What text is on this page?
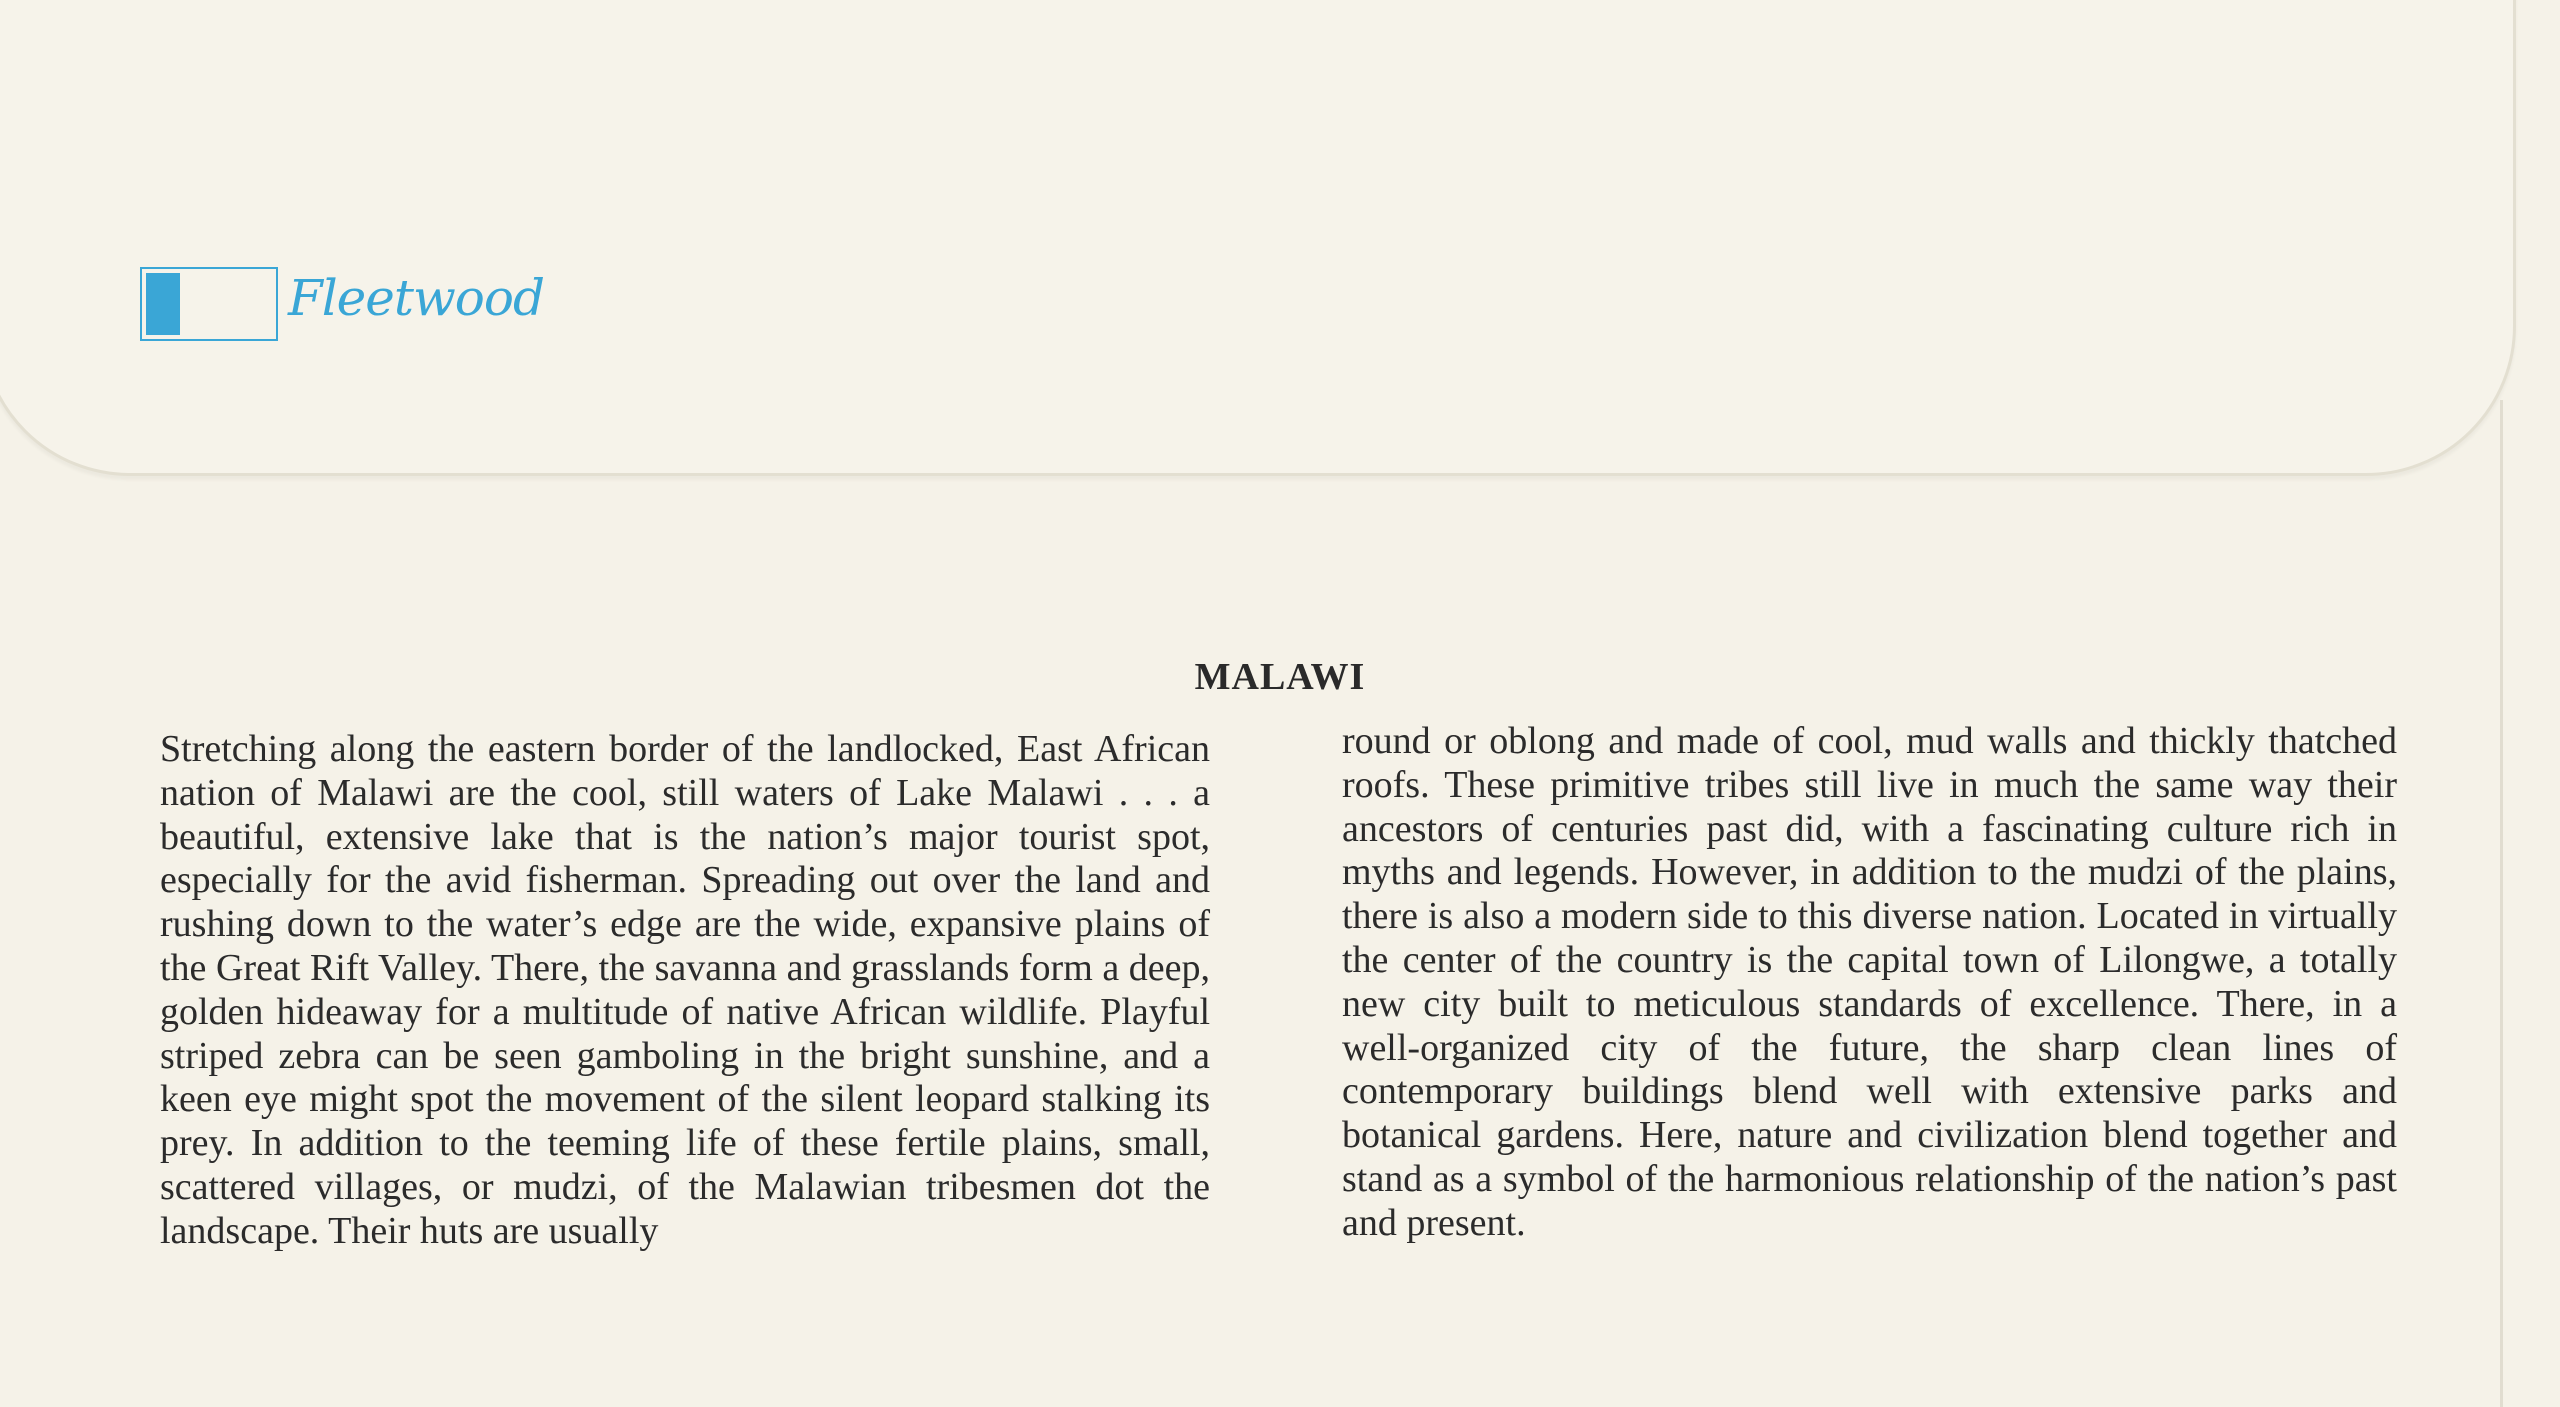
Fleetwood
MALAWI
Stretching along the eastern border of the landlocked, East African nation of Malawi are the cool, still waters of Lake Malawi . . . a beautiful, extensive lake that is the nation’s major tourist spot, especially for the avid fisherman. Spreading out over the land and rushing down to the water’s edge are the wide, expansive plains of the Great Rift Valley. There, the savanna and grasslands form a deep, golden hideaway for a multitude of native African wildlife. Playful striped zebra can be seen gamboling in the bright sunshine, and a keen eye might spot the movement of the silent leopard stalking its prey. In addition to the teeming life of these fertile plains, small, scattered villages, or mudzi, of the Malawian tribesmen dot the landscape. Their huts are usually
round or oblong and made of cool, mud walls and thickly thatched roofs. These primitive tribes still live in much the same way their ancestors of centuries past did, with a fascinating culture rich in myths and legends. However, in addition to the mudzi of the plains, there is also a modern side to this diverse nation. Located in virtually the center of the country is the capital town of Lilongwe, a totally new city built to meticulous standards of excellence. There, in a well-organized city of the future, the sharp clean lines of contemporary buildings blend well with extensive parks and botanical gardens. Here, nature and civilization blend together and stand as a symbol of the harmonious relationship of the nation’s past and present.
